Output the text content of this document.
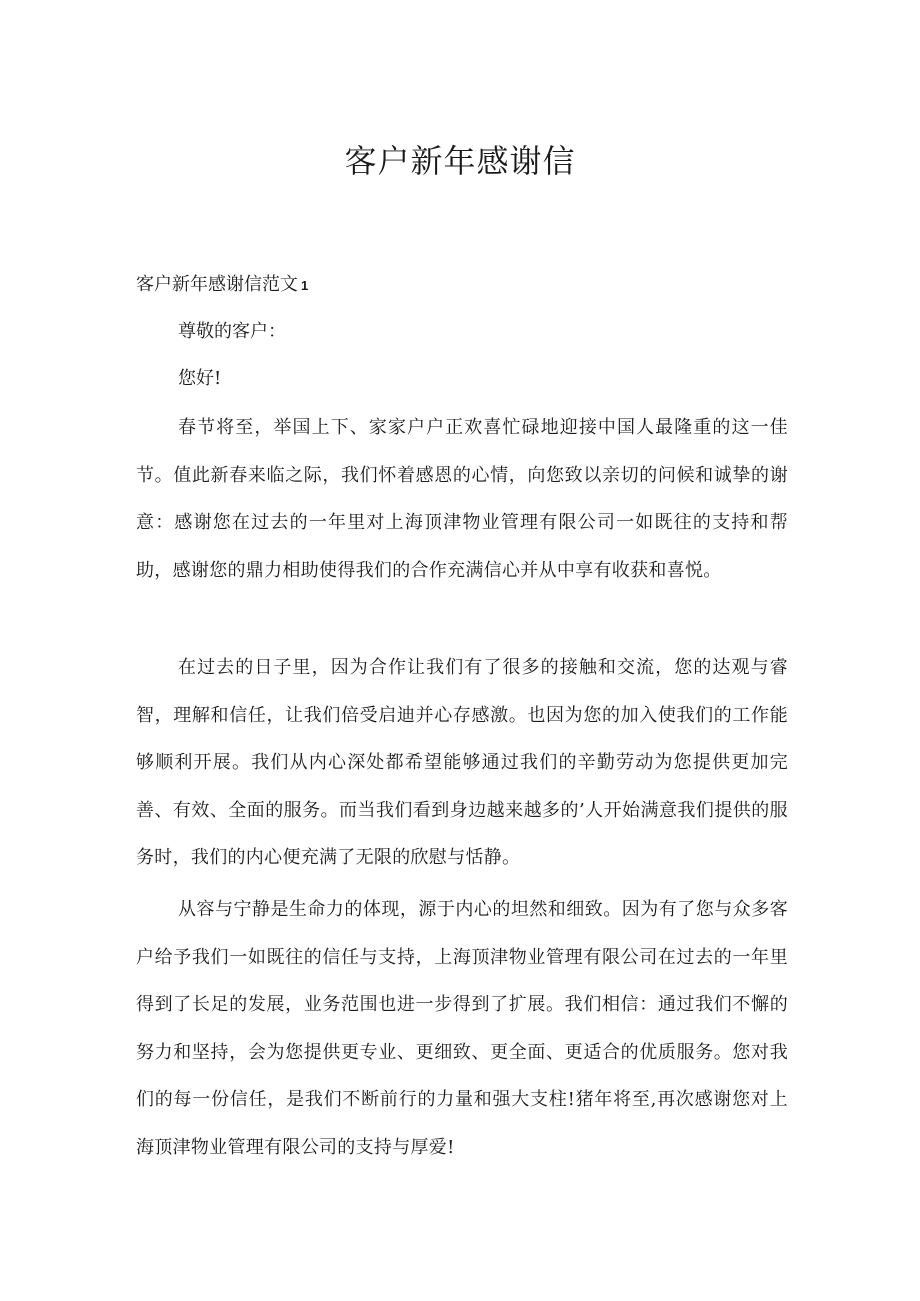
客户新年感谢信

客户新年感谢信范文 1

尊敬的客户：

您好!

春节将至，举国上下、家家户户正欢喜忙碌地迎接中国人最隆重的这一佳节。值此新春来临之际，我们怀着感恩的心情，向您致以亲切的问候和诚挚的谢意：感谢您在过去的一年里对上海顶津物业管理有限公司一如既往的支持和帮助，感谢您的鼎力相助使得我们的合作充满信心并从中享有收获和喜悦。

在过去的日子里，因为合作让我们有了很多的接触和交流，您的达观与睿智，理解和信任，让我们倍受启迪并心存感激。也因为您的加入使我们的工作能够顺利开展。我们从内心深处都希望能够通过我们的辛勤劳动为您提供更加完善、有效、全面的服务。而当我们看到身边越来越多的’人开始满意我们提供的服务时，我们的内心便充满了无限的欣慰与恬静。

从容与宁静是生命力的体现，源于内心的坦然和细致。因为有了您与众多客户给予我们一如既往的信任与支持，上海顶津物业管理有限公司在过去的一年里得到了长足的发展，业务范围也进一步得到了扩展。我们相信：通过我们不懈的努力和坚持，会为您提供更专业、更细致、更全面、更适合的优质服务。您对我们的每一份信任，是我们不断前行的力量和强大支柱!猪年将至,再次感谢您对上海顶津物业管理有限公司的支持与厚爱!
